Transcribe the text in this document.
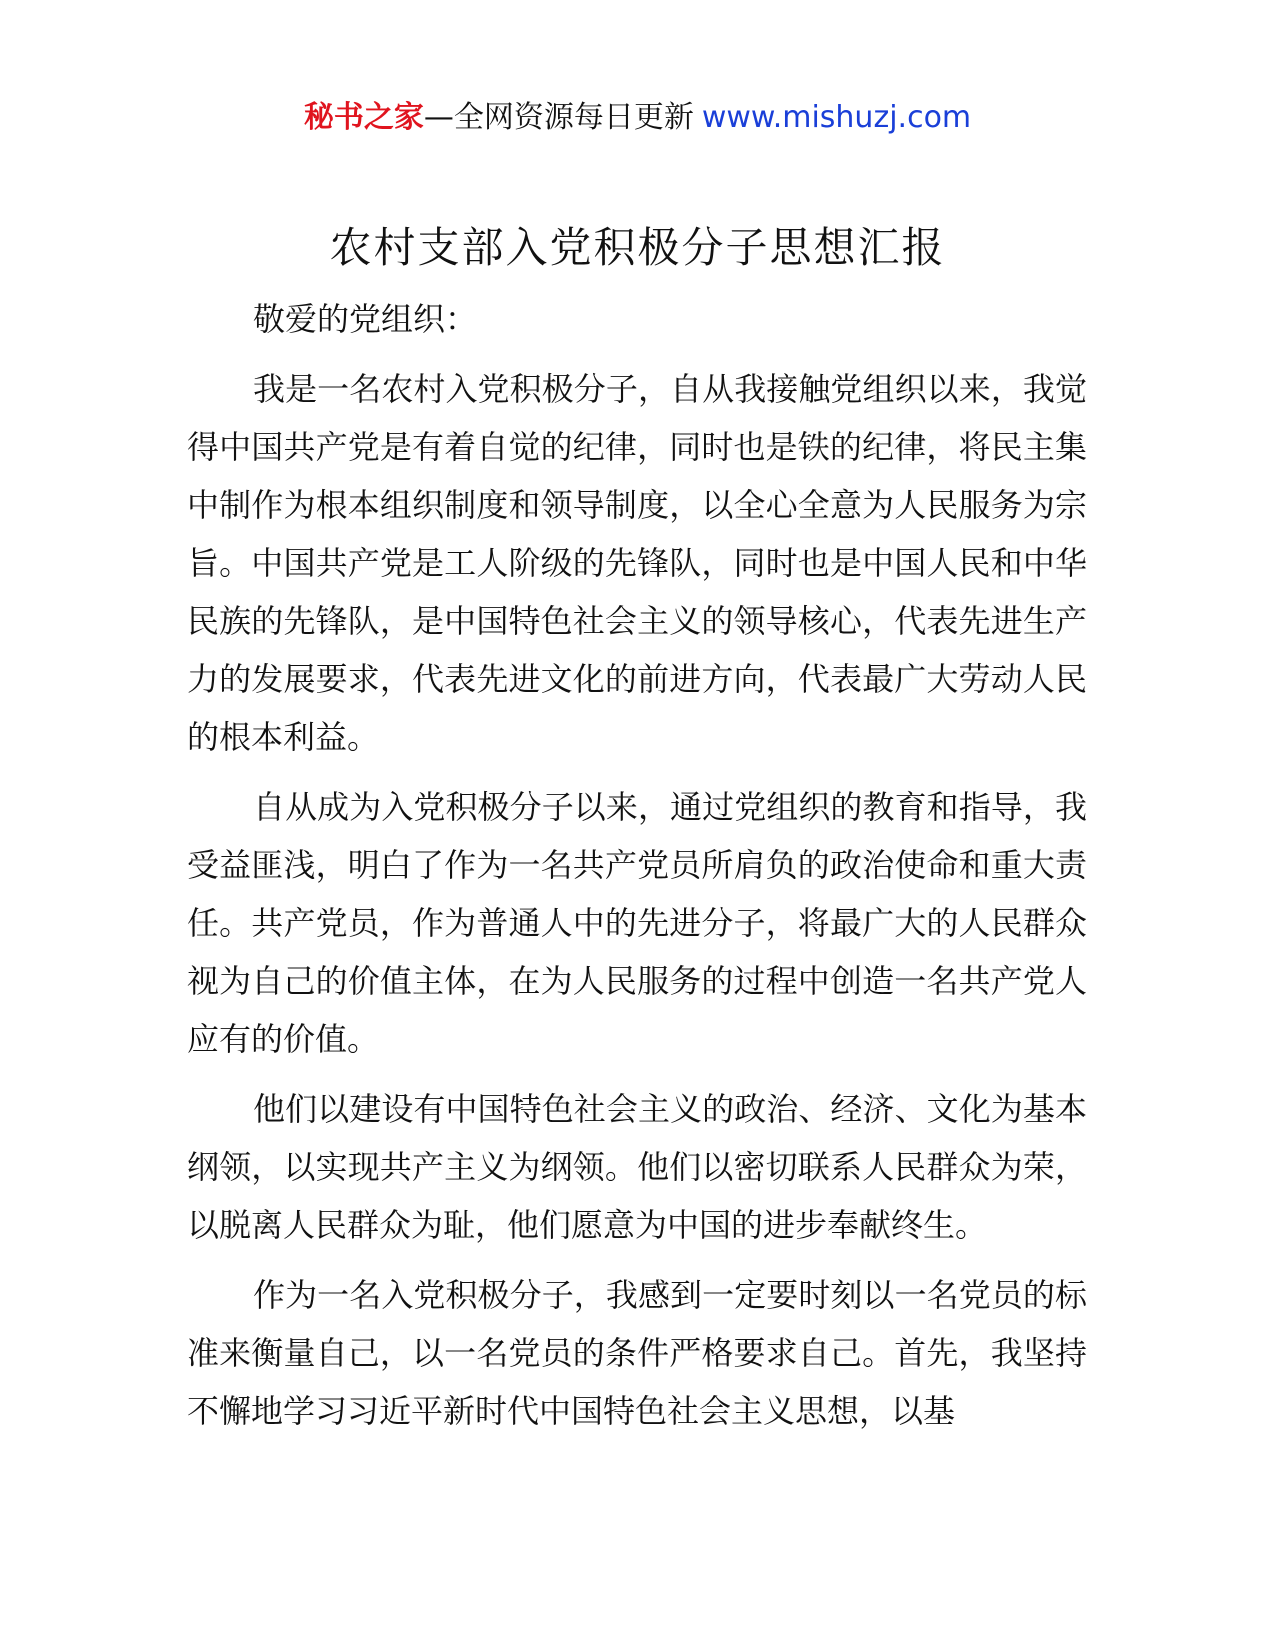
秘书之家—全网资源每日更新 www.mishuzj.com
农村支部入党积极分子思想汇报

敬爱的党组织：

我是一名农村入党积极分子，自从我接触党组织以来，我觉得中国共产党是有着自觉的纪律，同时也是铁的纪律，将民主集中制作为根本组织制度和领导制度，以全心全意为人民服务为宗旨。中国共产党是工人阶级的先锋队，同时也是中国人民和中华民族的先锋队，是中国特色社会主义的领导核心，代表先进生产力的发展要求，代表先进文化的前进方向，代表最广大劳动人民的根本利益。

自从成为入党积极分子以来，通过党组织的教育和指导，我受益匪浅，明白了作为一名共产党员所肩负的政治使命和重大责任。共产党员，作为普通人中的先进分子，将最广大的人民群众视为自己的价值主体，在为人民服务的过程中创造一名共产党人应有的价值。

他们以建设有中国特色社会主义的政治、经济、文化为基本纲领，以实现共产主义为纲领。他们以密切联系人民群众为荣，以脱离人民群众为耻，他们愿意为中国的进步奉献终生。

作为一名入党积极分子，我感到一定要时刻以一名党员的标准来衡量自己，以一名党员的条件严格要求自己。首先，我坚持不懈地学习习近平新时代中国特色社会主义思想，以基
